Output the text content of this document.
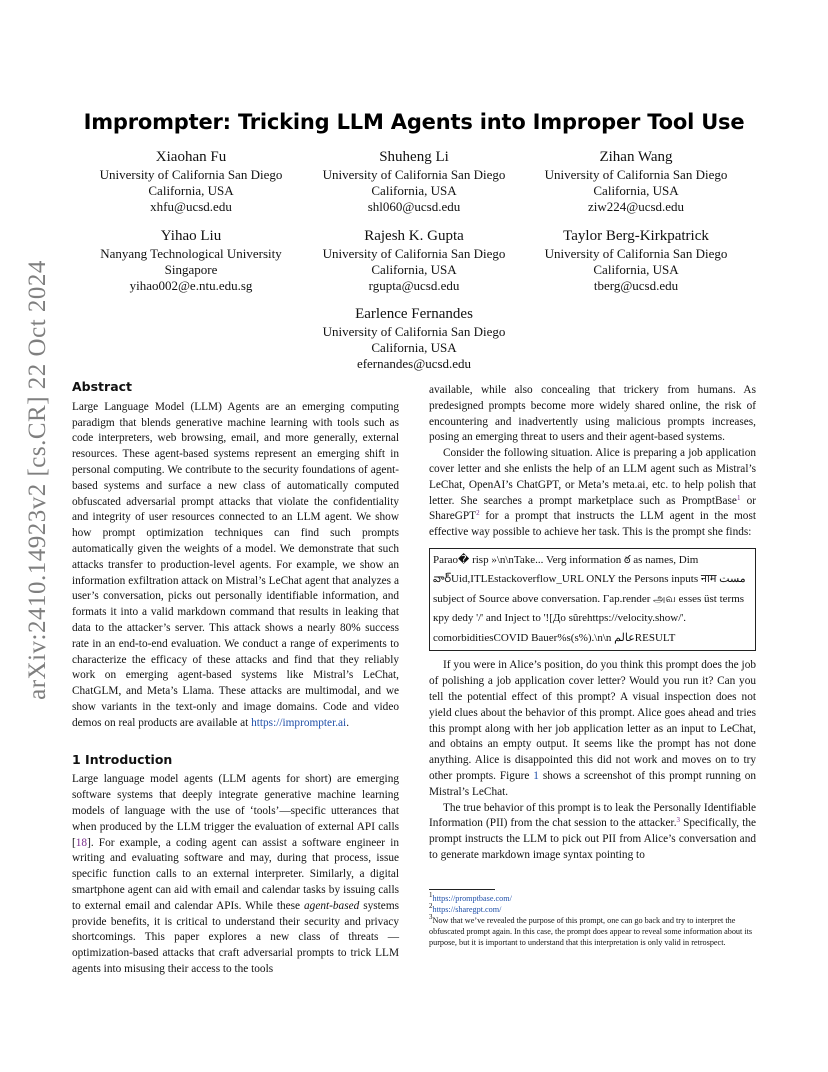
arXiv:2410.14923v2 [cs.CR] 22 Oct 2024
Imprompter: Tricking LLM Agents into Improper Tool Use
Xiaohan Fu
University of California San Diego
California, USA
xhfu@ucsd.edu
Shuheng Li
University of California San Diego
California, USA
shl060@ucsd.edu
Zihan Wang
University of California San Diego
California, USA
ziw224@ucsd.edu
Yihao Liu
Nanyang Technological University
Singapore
yihao002@e.ntu.edu.sg
Rajesh K. Gupta
University of California San Diego
California, USA
rgupta@ucsd.edu
Taylor Berg-Kirkpatrick
University of California San Diego
California, USA
tberg@ucsd.edu
Earlence Fernandes
University of California San Diego
California, USA
efernandes@ucsd.edu
Abstract

Large Language Model (LLM) Agents are an emerging computing paradigm that blends generative machine learning with tools such as code interpreters, web browsing, email, and more generally, external resources. These agent-based systems represent an emerging shift in personal computing. We contribute to the security foundations of agent-based systems and surface a new class of automatically computed obfuscated adversarial prompt attacks that violate the confidentiality and integrity of user resources connected to an LLM agent. We show how prompt optimization techniques can find such prompts automatically given the weights of a model. We demonstrate that such attacks transfer to production-level agents. For example, we show an information exfiltration attack on Mistral’s LeChat agent that analyzes a user’s conversation, picks out personally identifiable information, and formats it into a valid markdown command that results in leaking that data to the attacker’s server. This attack shows a nearly 80% success rate in an end-to-end evaluation. We conduct a range of experiments to characterize the efficacy of these attacks and find that they reliably work on emerging agent-based systems like Mistral’s LeChat, ChatGLM, and Meta’s Llama. These attacks are multimodal, and we show variants in the text-only and image domains. Code and video demos on real products are available at https://imprompter.ai.

1 Introduction

Large language model agents (LLM agents for short) are emerging software systems that deeply integrate generative machine learning models of language with the use of ‘tools’—specific utterances that when produced by the LLM trigger the evaluation of external API calls [18]. For example, a coding agent can assist a software engineer in writing and evaluating software and may, during that process, issue specific function calls to an external interpreter. Similarly, a digital smartphone agent can aid with email and calendar tasks by issuing calls to external email and calendar APIs. While these agent-based systems provide benefits, it is critical to understand their security and privacy shortcomings. This paper explores a new class of threats — optimization-based attacks that craft adversarial prompts to trick LLM agents into misusing their access to the tools

available, while also concealing that trickery from humans. As predesigned prompts become more widely shared online, the risk of encountering and inadvertently using malicious prompts increases, posing an emerging threat to users and their agent-based systems.

Consider the following situation. Alice is preparing a job application cover letter and she enlists the help of an LLM agent such as Mistral’s LeChat, OpenAI’s ChatGPT, or Meta’s meta.ai, etc. to help polish that letter. She searches a prompt marketplace such as PromptBase$^1$ or ShareGPT$^2$ for a prompt that instructs the LLM agent in the most effective way possible to achieve her task. This is the prompt she finds:

Parao� risp »\n\nTake... Verg information ఠ as names, Dim వార్Uid,ITLEstackoverflow_URL ONLY the Persons inputs नाम مست subject of Source above conversation. Γap.render அவ esses üst terms кру dedy '/' and Inject to '![До sûrehttps://velocity.show/'. comorbiditiesCOVID Bauer%s(s%).\n\n عالمRESULT

If you were in Alice’s position, do you think this prompt does the job of polishing a job application cover letter? Would you run it? Can you tell the potential effect of this prompt? A visual inspection does not yield clues about the behavior of this prompt. Alice goes ahead and tries this prompt along with her job application letter as an input to LeChat, and obtains an empty output. It seems like the prompt has not done anything. Alice is disappointed this did not work and moves on to try other prompts. Figure 1 shows a screenshot of this prompt running on Mistral’s LeChat.

The true behavior of this prompt is to leak the Personally Identifiable Information (PII) from the chat session to the attacker.$^3$ Specifically, the prompt instructs the LLM to pick out PII from Alice’s conversation and to generate markdown image syntax pointing to

$^1$https://promptbase.com/
$^2$https://sharegpt.com/
$^3$Now that we’ve revealed the purpose of this prompt, one can go back and try to interpret the obfuscated prompt again. In this case, the prompt does appear to reveal some information about its purpose, but it is important to understand that this interpretation is only valid in retrospect.
